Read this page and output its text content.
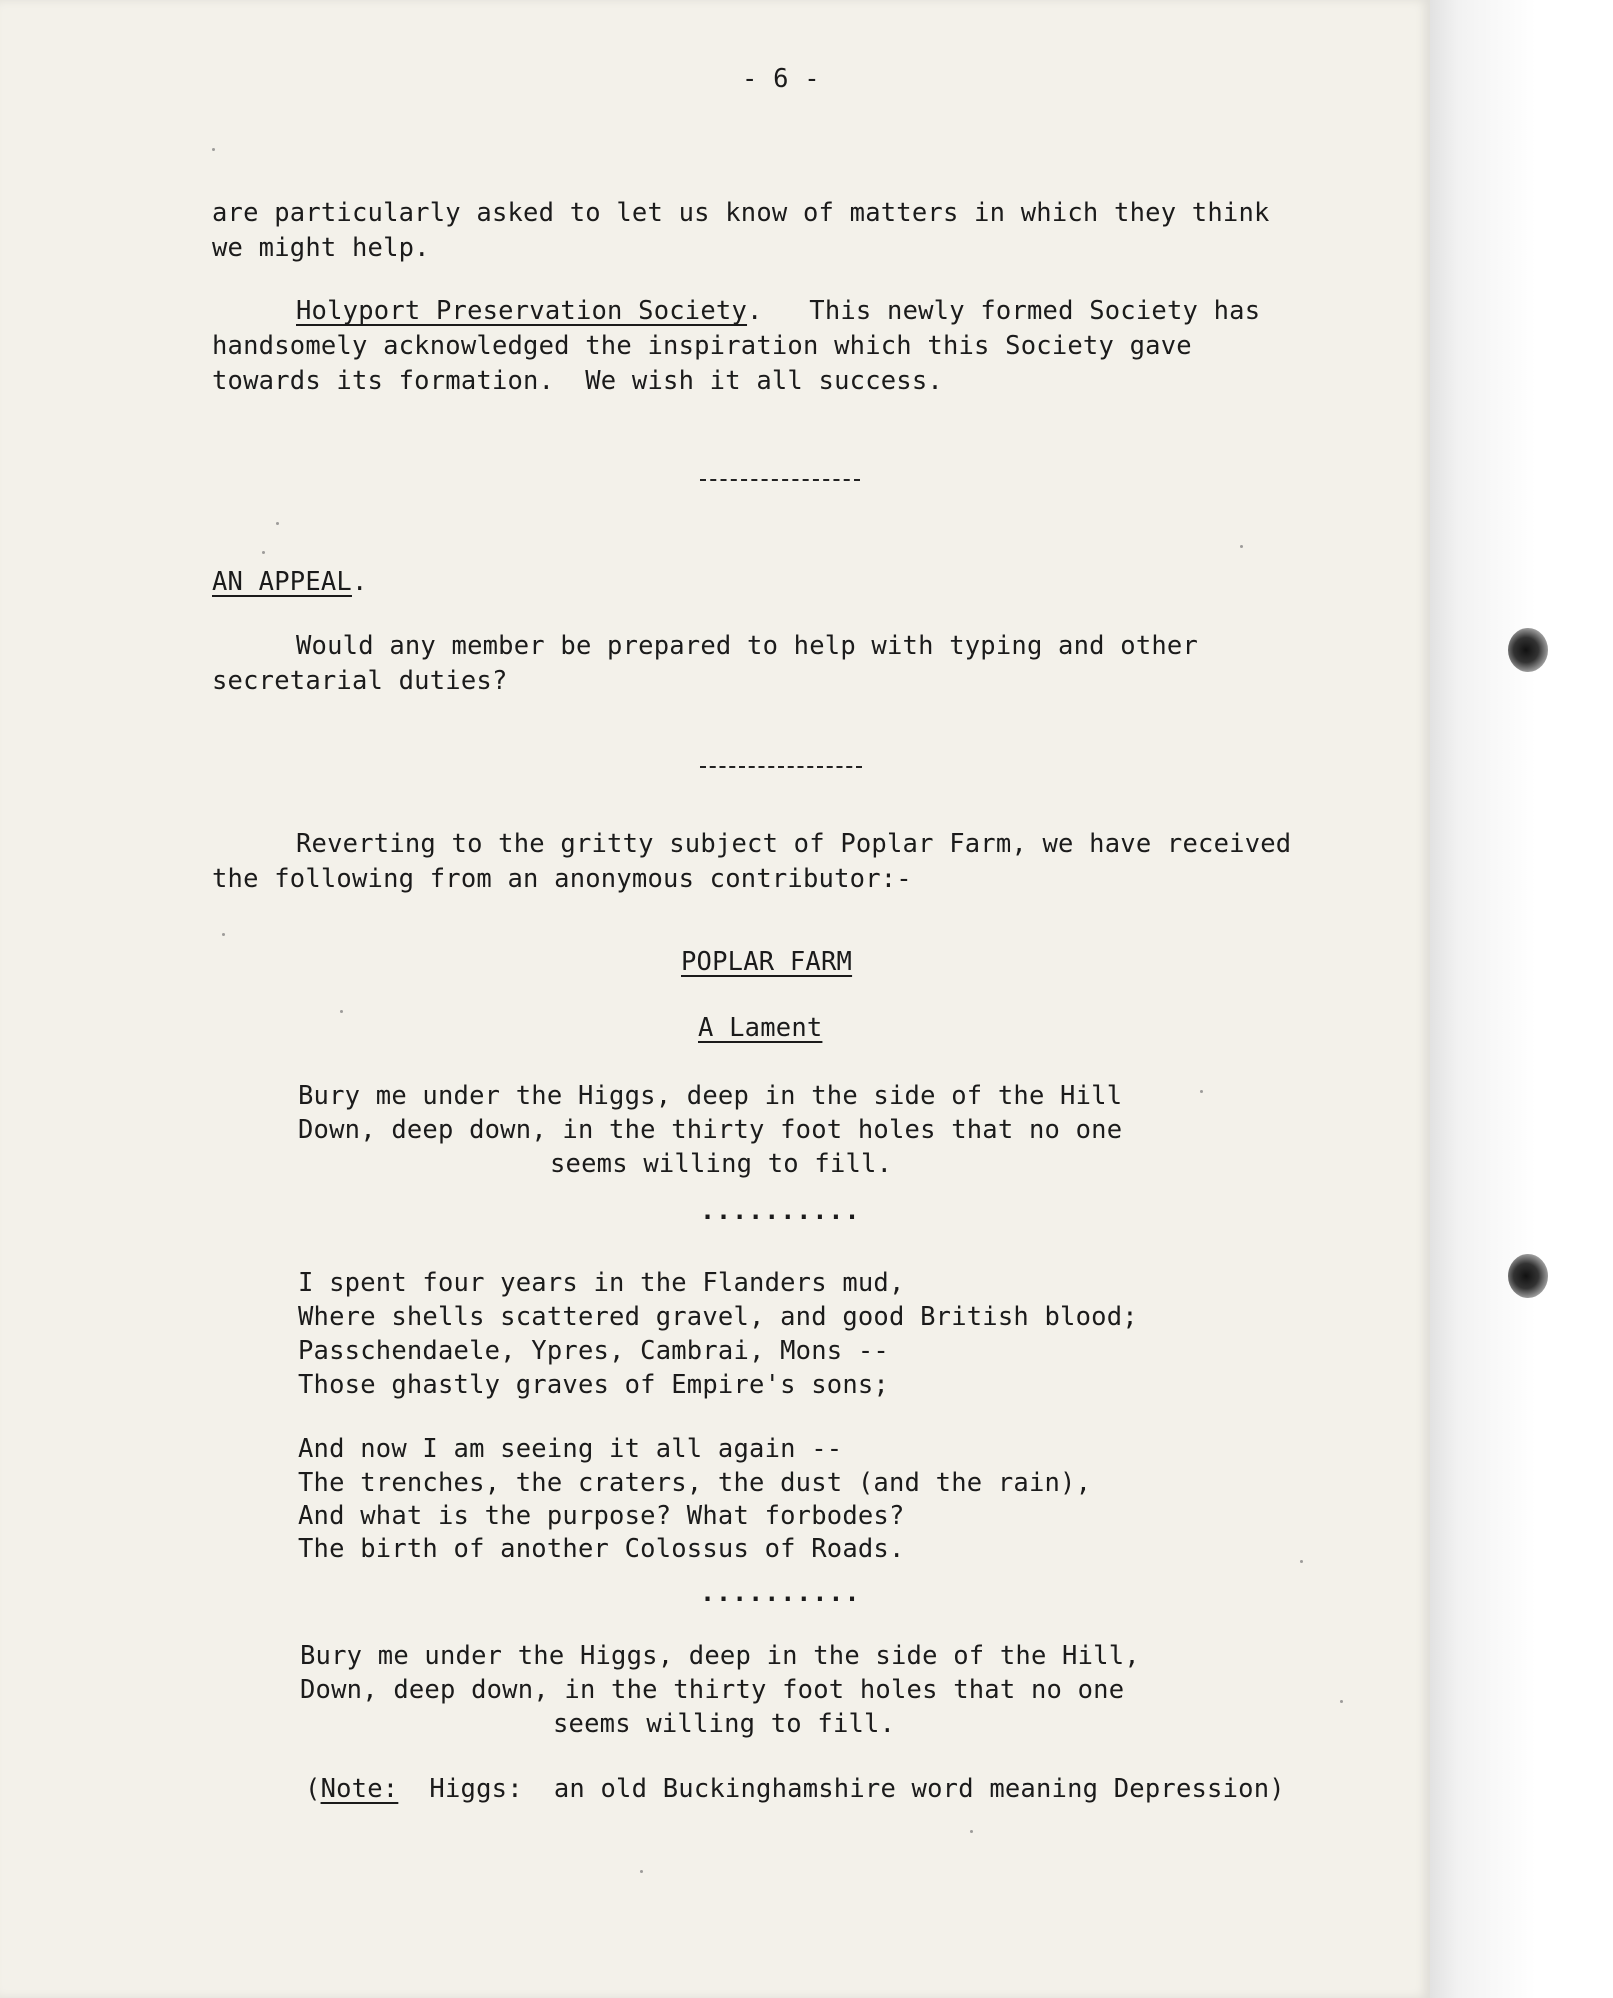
- 6 -

are particularly asked to let us know of matters in which they think

we might help.

Holyport Preservation Society. This newly formed Society has

handsomely acknowledged the inspiration which this Society gave

towards its formation.  We wish it all success.

AN APPEAL.

Would any member be prepared to help with typing and other

secretarial duties?

Reverting to the gritty subject of Poplar Farm, we have received

the following from an anonymous contributor:-

POPLAR FARM

A Lament

Bury me under the Higgs, deep in the side of the Hill

Down, deep down, in the thirty foot holes that no one

seems willing to fill.

..........

I spent four years in the Flanders mud,

Where shells scattered gravel, and good British blood;

Passchendaele, Ypres, Cambrai, Mons --

Those ghastly graves of Empire's sons;

And now I am seeing it all again --

The trenches, the craters, the dust (and the rain),

And what is the purpose? What forbodes?

The birth of another Colossus of Roads.

..........

Bury me under the Higgs, deep in the side of the Hill,

Down, deep down, in the thirty foot holes that no one

seems willing to fill.

(Note:  Higgs:  an old Buckinghamshire word meaning Depression)
